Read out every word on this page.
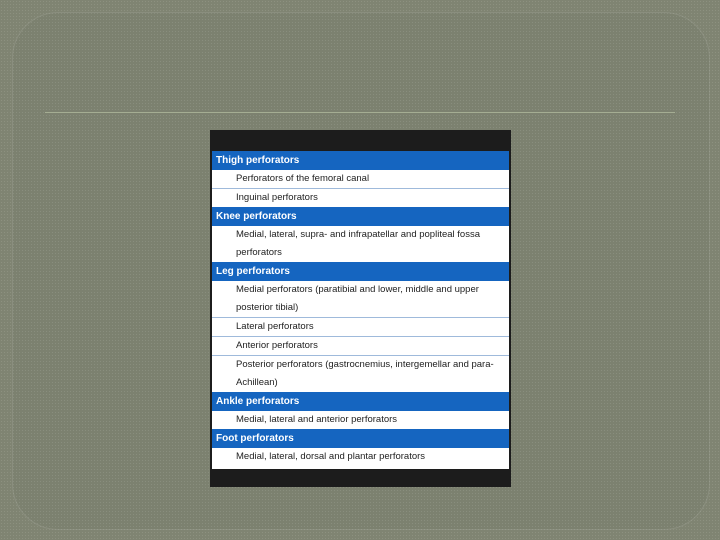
Thigh perforators
Perforators of the femoral canal
Inguinal perforators
Knee perforators
Medial, lateral, supra- and infrapatellar and popliteal fossa perforators
Leg perforators
Medial perforators (paratibial and lower, middle and upper posterior tibial)
Lateral perforators
Anterior perforators
Posterior perforators (gastrocnemius, intergemellar and para-Achillean)
Ankle perforators
Medial, lateral and anterior perforators
Foot perforators
Medial, lateral, dorsal and plantar perforators
